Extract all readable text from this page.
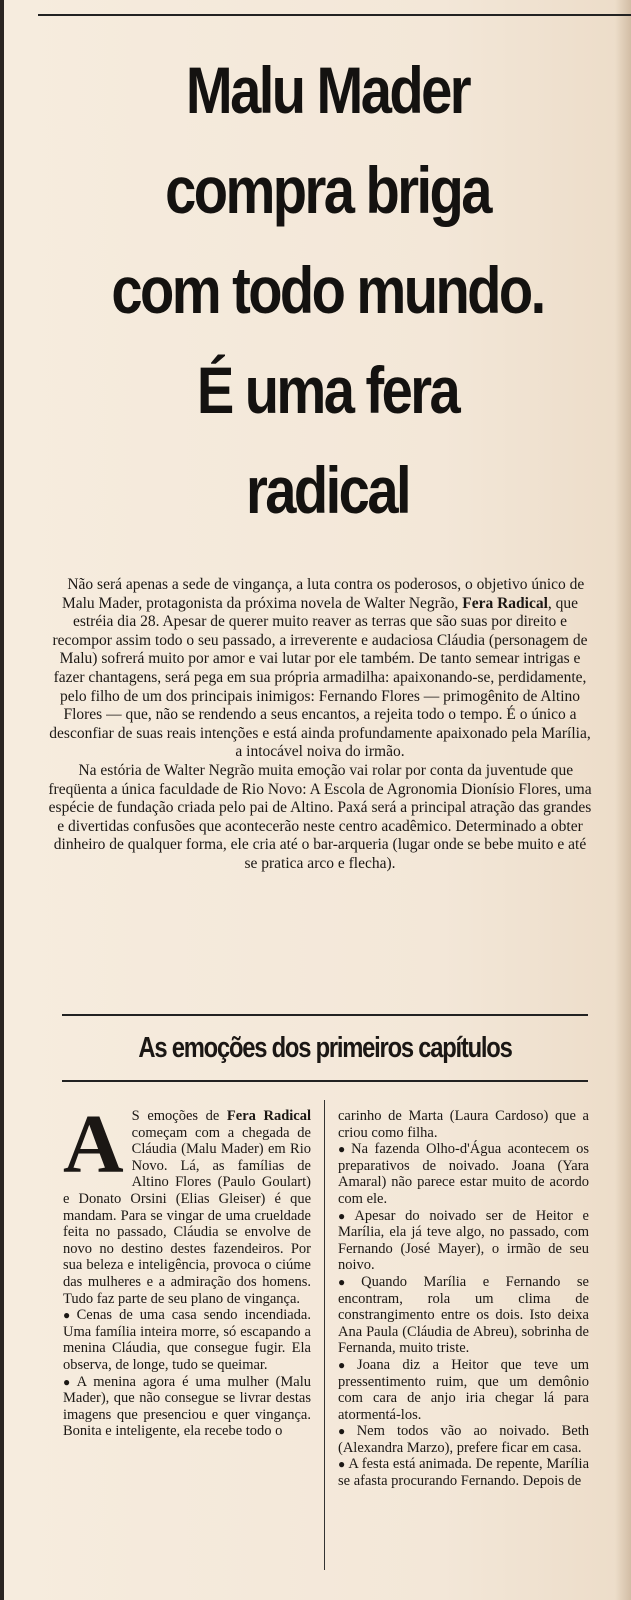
Malu Mader
compra briga
com todo mundo.
É uma fera
radical

Não será apenas a sede de vingança, a luta contra os poderosos, o objetivo único de Malu Mader, protagonista da próxima novela de Walter Negrão, Fera Radical, que estréia dia 28. Apesar de querer muito reaver as terras que são suas por direito e recompor assim todo o seu passado, a irreverente e audaciosa Cláudia (personagem de Malu) sofrerá muito por amor e vai lutar por ele também. De tanto semear intrigas e fazer chantagens, será pega em sua própria armadilha: apaixonando-se, perdidamente, pelo filho de um dos principais inimigos: Fernando Flores — primogênito de Altino Flores — que, não se rendendo a seus encantos, a rejeita todo o tempo. É o único a desconfiar de suas reais intenções e está ainda profundamente apaixonado pela Marília, a intocável noiva do irmão.

Na estória de Walter Negrão muita emoção vai rolar por conta da juventude que freqüenta a única faculdade de Rio Novo: A Escola de Agronomia Dionísio Flores, uma espécie de fundação criada pelo pai de Altino. Paxá será a principal atração das grandes e divertidas confusões que acontecerão neste centro acadêmico. Determinado a obter dinheiro de qualquer forma, ele cria até o bar-arqueria (lugar onde se bebe muito e até se pratica arco e flecha).

As emoções dos primeiros capítulos

A S emoções de Fera Radical começam com a chegada de Cláudia (Malu Mader) em Rio Novo. Lá, as famílias de Altino Flores (Paulo Goulart) e Donato Orsini (Elias Gleiser) é que mandam. Para se vingar de uma crueldade feita no passado, Cláudia se envolve de novo no destino destes fazendeiros. Por sua beleza e inteligência, provoca o ciúme das mulheres e a admiração dos homens. Tudo faz parte de seu plano de vingança.

● Cenas de uma casa sendo incendiada. Uma família inteira morre, só escapando a menina Cláudia, que consegue fugir. Ela observa, de longe, tudo se queimar.

● A menina agora é uma mulher (Malu Mader), que não consegue se livrar destas imagens que presenciou e quer vingança. Bonita e inteligente, ela recebe todo o

carinho de Marta (Laura Cardoso) que a criou como filha.

● Na fazenda Olho-d'Água acontecem os preparativos de noivado. Joana (Yara Amaral) não parece estar muito de acordo com ele.

● Apesar do noivado ser de Heitor e Marília, ela já teve algo, no passado, com Fernando (José Mayer), o irmão de seu noivo.

● Quando Marília e Fernando se encontram, rola um clima de constrangimento entre os dois. Isto deixa Ana Paula (Cláudia de Abreu), sobrinha de Fernanda, muito triste.

● Joana diz a Heitor que teve um pressentimento ruim, que um demônio com cara de anjo iria chegar lá para atormentá-los.

● Nem todos vão ao noivado. Beth (Alexandra Marzo), prefere ficar em casa.

● A festa está animada. De repente, Marília se afasta procurando Fernando. Depois de
